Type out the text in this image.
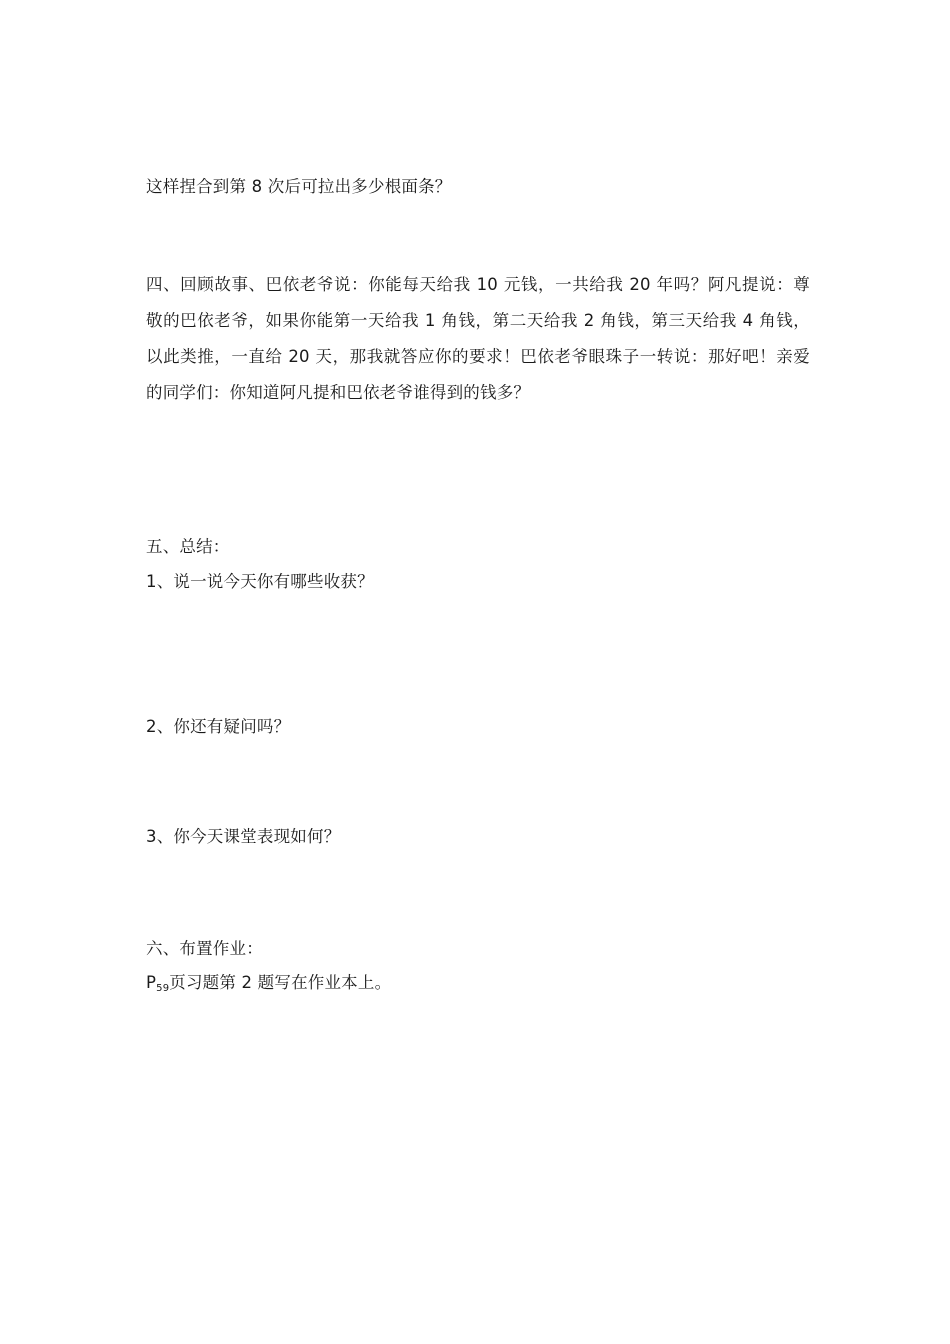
这样捏合到第 8 次后可拉出多少根面条？
四、回顾故事、巴依老爷说：你能每天给我 10 元钱，一共给我 20 年吗？阿凡提说：尊敬的巴依老爷，如果你能第一天给我 1 角钱，第二天给我 2 角钱，第三天给我 4 角钱，以此类推，一直给 20 天，那我就答应你的要求！巴依老爷眼珠子一转说：那好吧！亲爱的同学们：你知道阿凡提和巴依老爷谁得到的钱多？
五、总结：
1、说一说今天你有哪些收获？
2、你还有疑问吗？
3、你今天课堂表现如何？
六、布置作业：
$P_{59}$页习题第 2 题写在作业本上。
